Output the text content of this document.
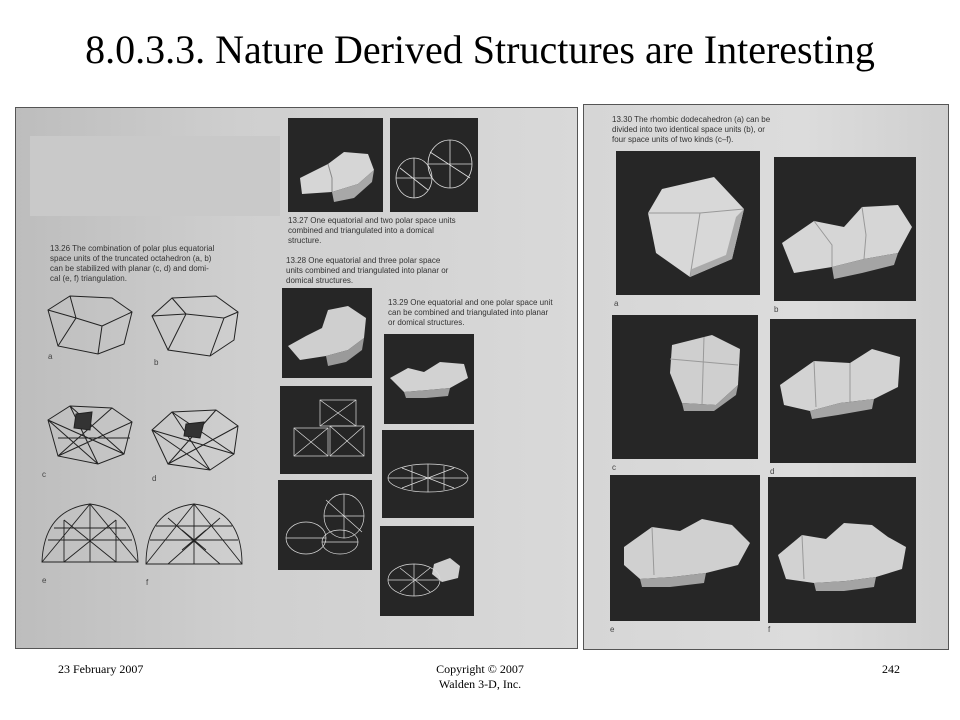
8.0.3.3. Nature Derived Structures are Interesting
13.27 One equatorial and two polar space units
combined and triangulated into a domical
structure.
13.26 The combination of polar plus equatorial
space units of the truncated octahedron (a, b)
can be stabilized with planar (c, d) and domi-
cal (e, f) triangulation.
13.28 One equatorial and three polar space
units combined and triangulated into planar or
domical structures.
13.29 One equatorial and one polar space unit
can be combined and triangulated into planar
or domical structures.
a
b
c	d
e	f
13.30 The rhombic dodecahedron (a) can be
divided into two identical space units (b), or
four space units of two kinds (c–f).
a
b
c	d
e	f
23 February 2007	Copyright © 2007
Walden 3-D, Inc.
242
